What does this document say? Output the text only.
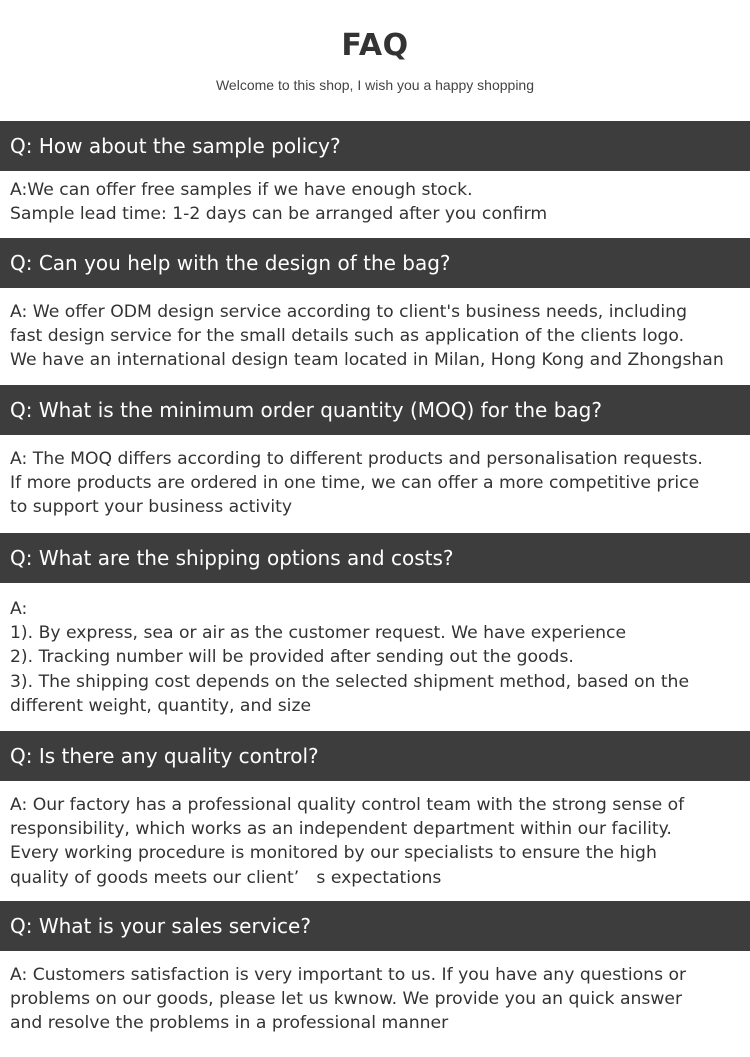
FAQ
Welcome to this shop, I wish you a happy shopping
Q: How about the sample policy?
A:We can offer free samples if we have enough stock.
Sample lead time: 1-2 days can be arranged after you confirm
Q: Can you help with the design of the bag?
A: We offer ODM design service according to client's business needs, including
fast design service for the small details such as application of the clients logo.
We have an international design team located in Milan, Hong Kong and Zhongshan
Q: What is the minimum order quantity (MOQ) for the bag?
A: The MOQ differs according to different products and personalisation requests.
If more products are ordered in one time, we can offer a more competitive price
to support your business activity
Q: What are the shipping options and costs?
A:
1). By express, sea or air as the customer request. We have experience
2). Tracking number will be provided after sending out the goods.
3). The shipping cost depends on the selected shipment method, based on the
different weight, quantity, and size
Q: Is there any quality control?
A: Our factory has a professional quality control team with the strong sense of
responsibility, which works as an independent department within our facility.
Every working procedure is monitored by our specialists to ensure the high
quality of goods meets our client’　s expectations
Q: What is your sales service?
A: Customers satisfaction is very important to us. If you have any questions or
problems on our goods, please let us kwnow. We provide you an quick answer
and resolve the problems in a professional manner
